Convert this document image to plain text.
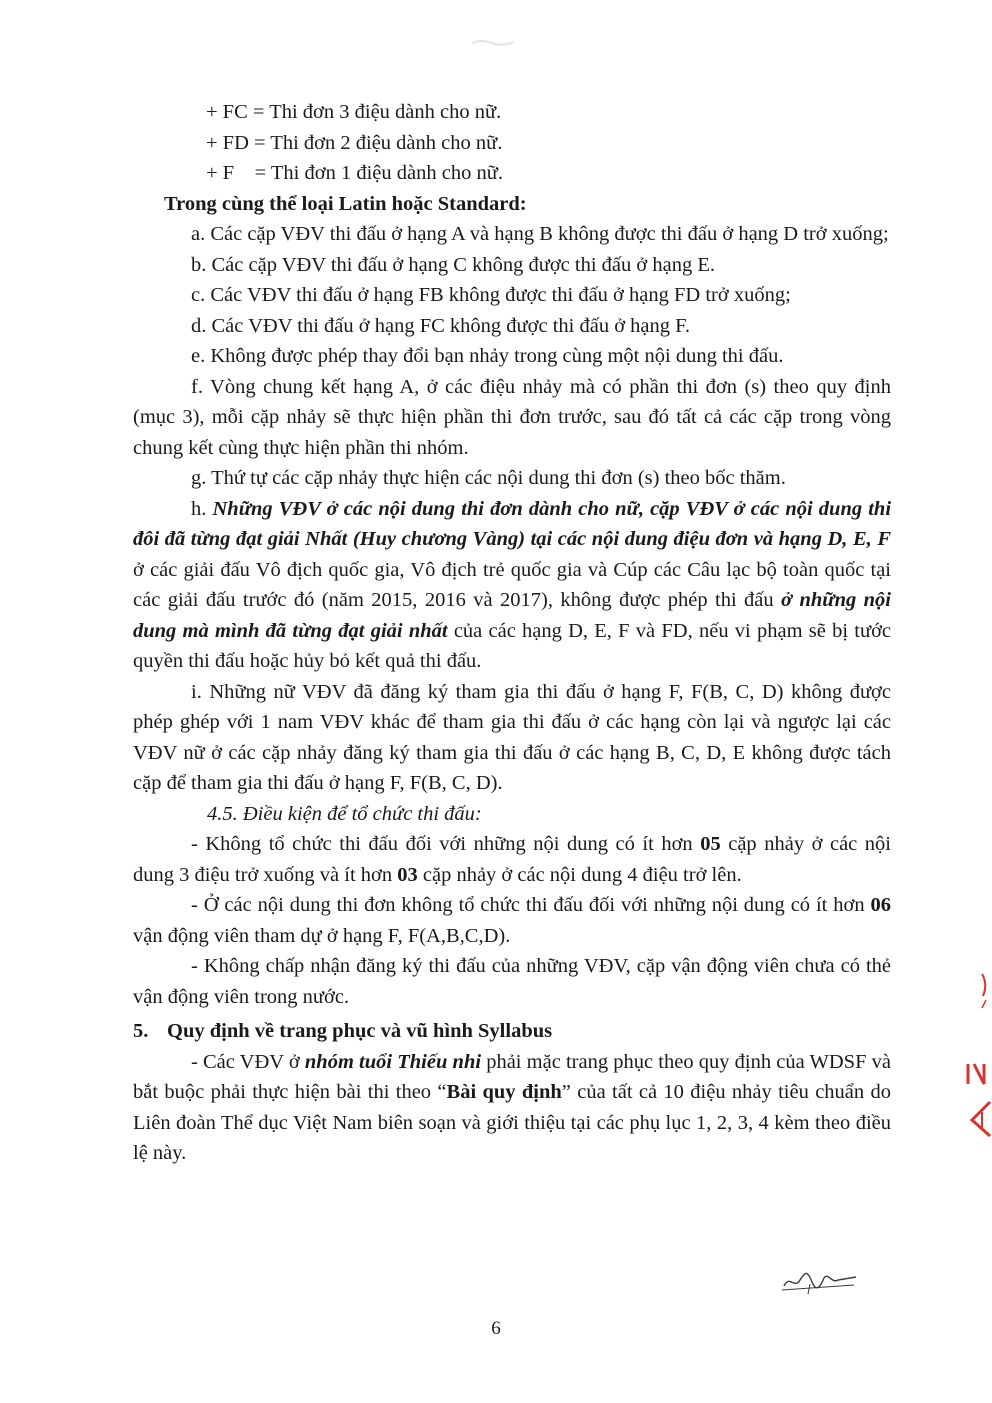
+ FC = Thi đơn 3 điệu dành cho nữ.

+ FD = Thi đơn 2 điệu dành cho nữ.

+ F    = Thi đơn 1 điệu dành cho nữ.

Trong cùng thể loại Latin hoặc Standard:

a. Các cặp VĐV thi đấu ở hạng A và hạng B không được thi đấu ở hạng D trở xuống;

b. Các cặp VĐV thi đấu ở hạng C không được thi đấu ở hạng E.

c. Các VĐV thi đấu ở hạng FB không được thi đấu ở hạng FD trở xuống;

d. Các VĐV thi đấu ở hạng FC không được thi đấu ở hạng F.

e. Không được phép thay đổi bạn nhảy trong cùng một nội dung thi đấu.

f. Vòng chung kết hạng A, ở các điệu nhảy mà có phần thi đơn (s) theo quy định (mục 3), mỗi cặp nhảy sẽ thực hiện phần thi đơn trước, sau đó tất cả các cặp trong vòng chung kết cùng thực hiện phần thi nhóm.

g. Thứ tự các cặp nhảy thực hiện các nội dung thi đơn (s) theo bốc thăm.

h. Những VĐV ở các nội dung thi đơn dành cho nữ, cặp VĐV ở các nội dung thi đôi đã từng đạt giải Nhất (Huy chương Vàng) tại các nội dung điệu đơn và hạng D, E, F ở các giải đấu Vô địch quốc gia, Vô địch trẻ quốc gia và Cúp các Câu lạc bộ toàn quốc tại các giải đấu trước đó (năm 2015, 2016 và 2017), không được phép thi đấu ở những nội dung mà mình đã từng đạt giải nhất của các hạng D, E, F và FD, nếu vi phạm sẽ bị tước quyền thi đấu hoặc hủy bỏ kết quả thi đấu.

i. Những nữ VĐV đã đăng ký tham gia thi đấu ở hạng F, F(B, C, D) không được phép ghép với 1 nam VĐV khác để tham gia thi đấu ở các hạng còn lại và ngược lại các VĐV nữ ở các cặp nhảy đăng ký tham gia thi đấu ở các hạng B, C, D, E không được tách cặp để tham gia thi đấu ở hạng F, F(B, C, D).

4.5. Điều kiện để tổ chức thi đấu:

- Không tổ chức thi đấu đối với những nội dung có ít hơn 05 cặp nhảy ở các nội dung 3 điệu trở xuống và ít hơn 03 cặp nhảy ở các nội dung 4 điệu trở lên.

- Ở các nội dung thi đơn không tổ chức thi đấu đối với những nội dung có ít hơn 06 vận động viên tham dự ở hạng F, F(A,B,C,D).

- Không chấp nhận đăng ký thi đấu của những VĐV, cặp vận động viên chưa có thẻ vận động viên trong nước.

5. Quy định về trang phục và vũ hình Syllabus

- Các VĐV ở nhóm tuổi Thiếu nhi phải mặc trang phục theo quy định của WDSF và bắt buộc phải thực hiện bài thi theo “Bài quy định” của tất cả 10 điệu nhảy tiêu chuẩn do Liên đoàn Thể dục Việt Nam biên soạn và giới thiệu tại các phụ lục 1, 2, 3, 4 kèm theo điều lệ này.

6
